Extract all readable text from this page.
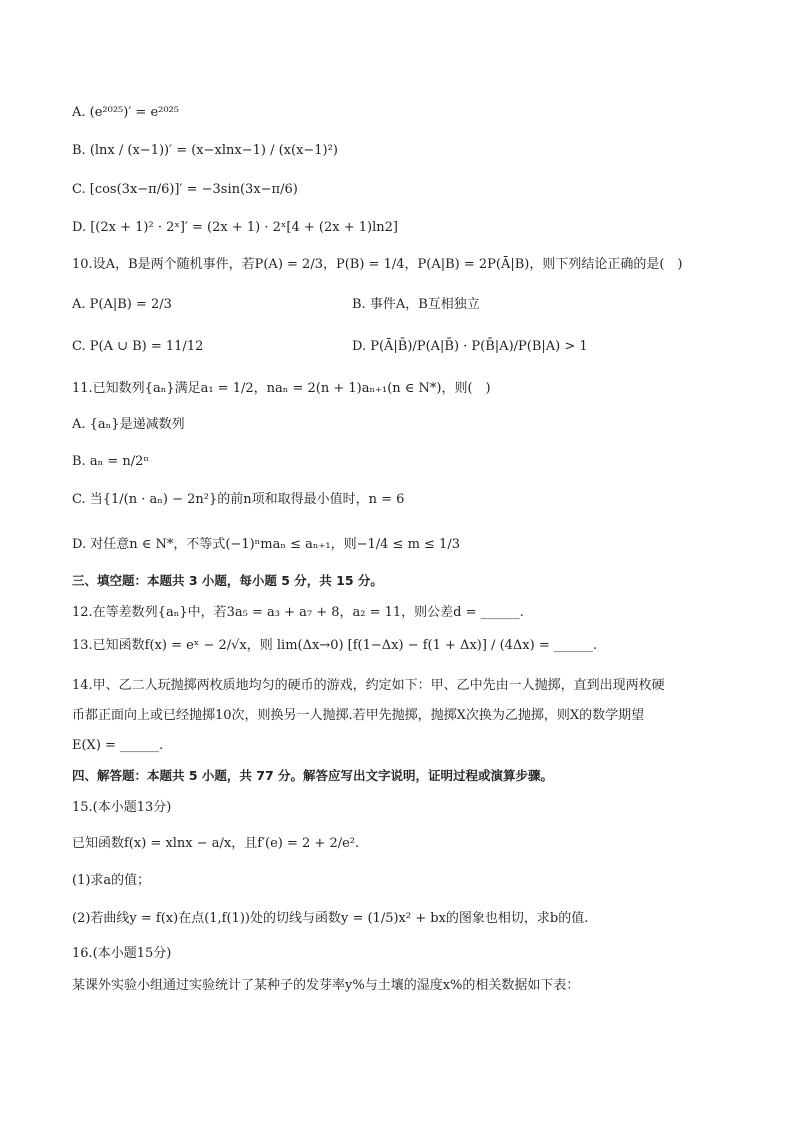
A. (e²⁰²⁵)′ = e²⁰²⁵
B. (lnx / (x−1))′ = (x−xlnx−1) / (x(x−1)²)
C. [cos(3x−π/6)]′ = −3sin(3x−π/6)
D. [(2x + 1)² · 2ˣ]′ = (2x + 1) · 2ˣ[4 + (2x + 1)ln2]
10.设A，B是两个随机事件，若P(A) = 2/3，P(B) = 1/4，P(A|B) = 2P(Ā|B)，则下列结论正确的是(　)
A. P(A|B) = 2/3	B. 事件A，B互相独立
C. P(A ∪ B) = 11/12	D. P(Ā|B̄)/P(A|B̄) · P(B̄|A)/P(B|A) > 1
11.已知数列{aₙ}满足a₁ = 1/2，naₙ = 2(n + 1)aₙ₊₁(n ∈ N*)，则(　)
A. {aₙ}是递减数列
B. aₙ = n/2ⁿ
C. 当{1/(n · aₙ) − 2n²}的前n项和取得最小值时，n = 6
D. 对任意n ∈ N*，不等式(−1)ⁿmaₙ ≤ aₙ₊₁，则−1/4 ≤ m ≤ 1/3
三、填空题：本题共 3 小题，每小题 5 分，共 15 分。
12.在等差数列{aₙ}中，若3a₅ = a₃ + a₇ + 8，a₂ = 11，则公差d = ______.
13.已知函数f(x) = eˣ − 2/√x，则 lim(Δx→0) [f(1−Δx) − f(1 + Δx)] / (4Δx) = ______.
14.甲、乙二人玩抛掷两枚质地均匀的硬币的游戏，约定如下：甲、乙中先由一人抛掷，直到出现两枚硬
币都正面向上或已经抛掷10次，则换另一人抛掷.若甲先抛掷，抛掷X次换为乙抛掷，则X的数学期望
E(X) = ______.
四、解答题：本题共 5 小题，共 77 分。解答应写出文字说明，证明过程或演算步骤。
15.(本小题13分)
已知函数f(x) = xlnx − a/x，且f′(e) = 2 + 2/e².
(1)求a的值；
(2)若曲线y = f(x)在点(1,f(1))处的切线与函数y = (1/5)x² + bx的图象也相切，求b的值.
16.(本小题15分)
某课外实验小组通过实验统计了某种子的发芽率y%与土壤的湿度x%的相关数据如下表：
